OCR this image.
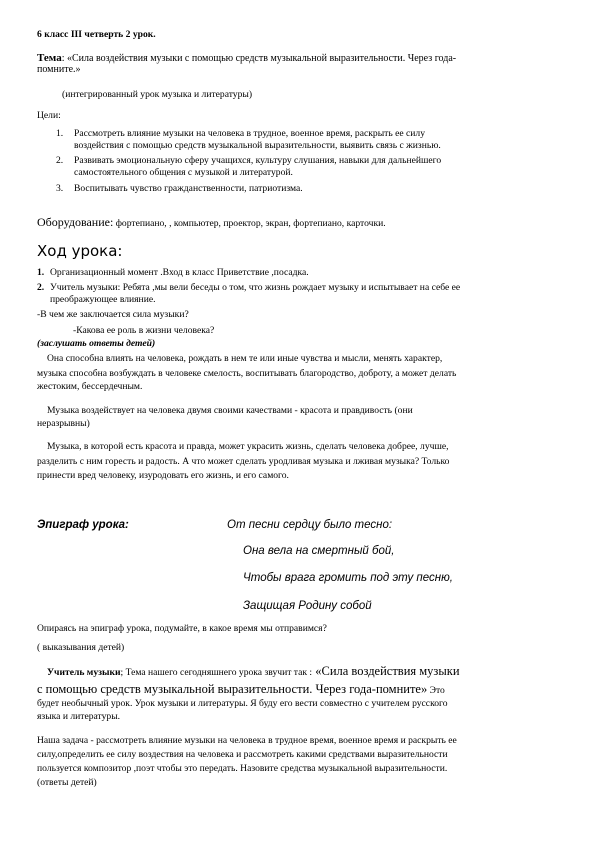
6 класс III четверть 2 урок.
Тема: «Сила воздействия музыки с помощью средств музыкальной выразительности. Через года-
помните.»
(интегрированный урок музыка и литературы)
Цели:
1. Рассмотреть влияние музыки на человека в трудное, военное время, раскрыть ее силу
воздействия с помощью средств музыкальной выразительности, выявить связь с жизнью.
2. Развивать эмоциональную сферу учащихся, культуру слушания, навыки для дальнейшего
самостоятельного общения с музыкой и литературой.
3. Воспитывать чувство гражданственности, патриотизма.
Оборудование: фортепиано, , компьютер, проектор, экран, фортепиано, карточки.
Ход урока:
1. Организационный момент .Вход в класс Приветствие ,посадка.
2. Учитель музыки: Ребята ,мы вели беседы о том, что жизнь рождает музыку и испытывает на себе ее
преображующее влияние.
-В чем же заключается сила музыки?
-Какова ее роль в жизни человека?
(заслушать ответы детей)
Она способна влиять на человека, рождать в нем те или иные чувства и мысли, менять характер,
музыка способна возбуждать в человеке смелость, воспитывать благородство, доброту, а может делать
жестоким, бессердечным.
Музыка воздействует на человека двумя своими качествами - красота и правдивость (они
неразрывны)
Музыка, в которой есть красота и правда, может украсить жизнь, сделать человека добрее, лучше,
разделить с ним горесть и радость. А что может сделать уродливая музыка и лживая музыка? Только
принести вред человеку, изуродовать его жизнь, и его самого.
Эпиграф урока:	От песни сердцу было тесно:
Она вела на смертный бой,
Чтобы врага громить под эту песню,
Защищая Родину собой
Опираясь на эпиграф урока, подумайте, в какое время мы отправимся?
( выказывания детей)
Учитель музыки; Тема нашего сегодняшнего урока звучит так : «Сила воздействия музыки
с помощью средств музыкальной выразительности. Через года-помните» Это
будет необычный урок. Урок музыки и литературы. Я буду его вести совместно с учителем русского
языка и литературы.
Наша задача - рассмотреть влияние музыки на человека в трудное время, военное время и раскрыть ее
силу,определить ее силу воздествия на человека и рассмотреть какими средствами выразительности
пользуется композитор ,поэт чтобы это передать. Назовите средства музыкальной выразительности.
(ответы детей)
